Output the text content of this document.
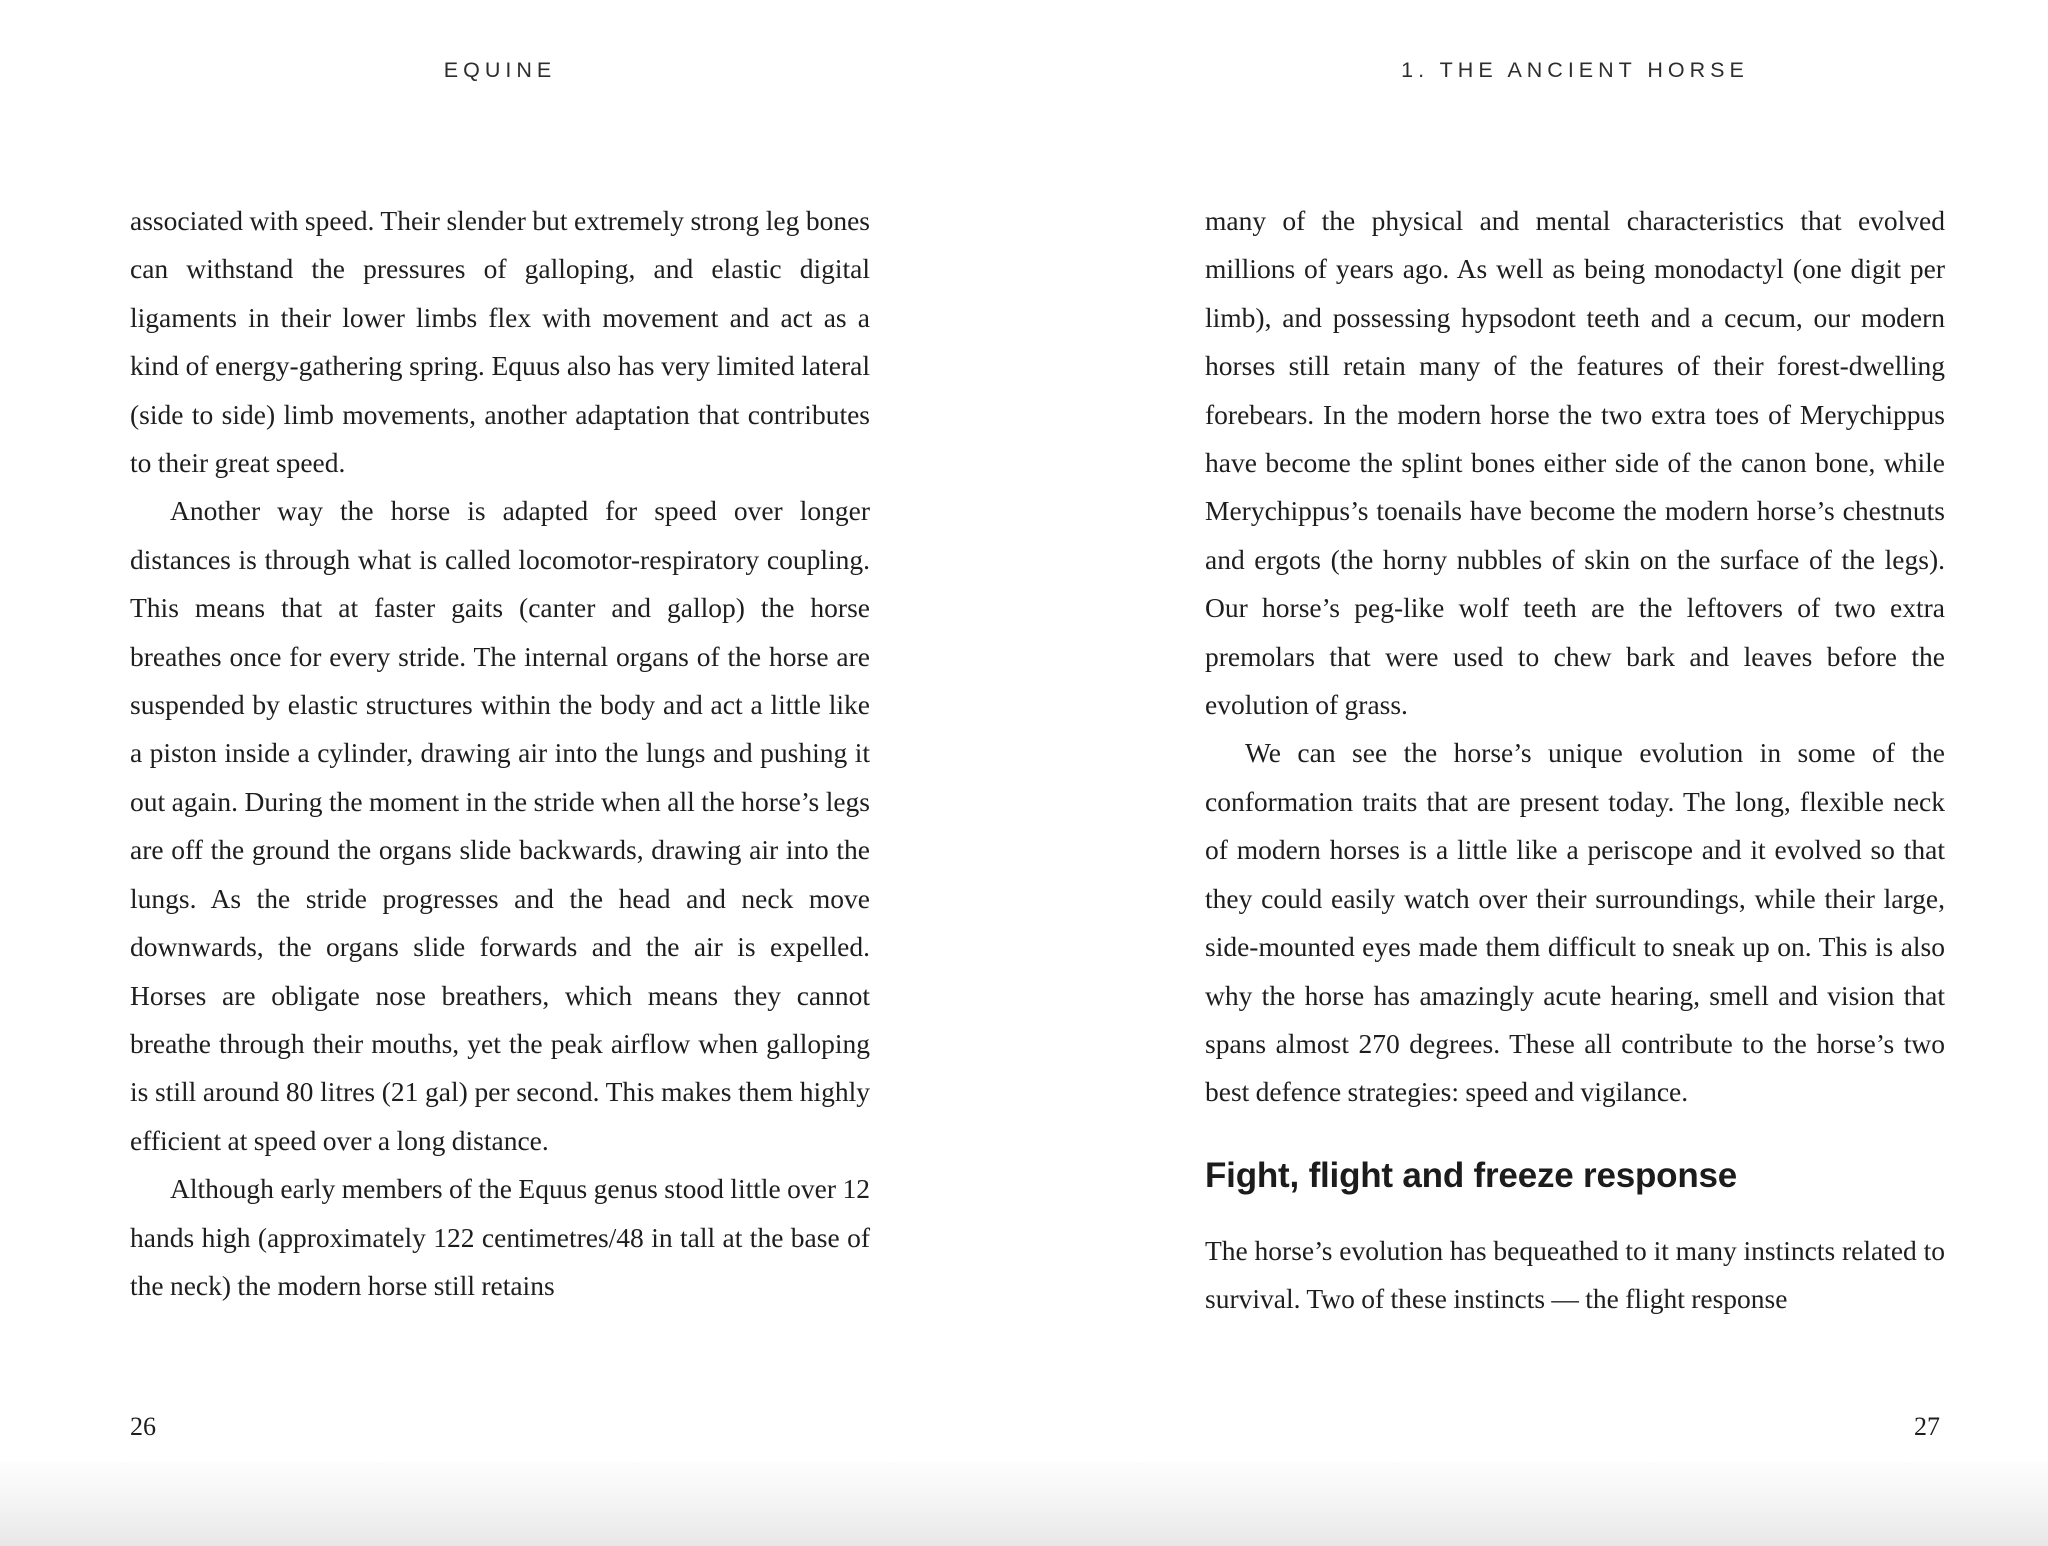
EQUINE	1. THE ANCIENT HORSE

associated with speed. Their slender but extremely strong leg bones can withstand the pressures of galloping, and elastic digital ligaments in their lower limbs flex with movement and act as a kind of energy-gathering spring. Equus also has very limited lateral (side to side) limb movements, another adaptation that contributes to their great speed.

Another way the horse is adapted for speed over longer distances is through what is called locomotor-respiratory coupling. This means that at faster gaits (canter and gallop) the horse breathes once for every stride. The internal organs of the horse are suspended by elastic structures within the body and act a little like a piston inside a cylinder, drawing air into the lungs and pushing it out again. During the moment in the stride when all the horse’s legs are off the ground the organs slide backwards, drawing air into the lungs. As the stride progresses and the head and neck move downwards, the organs slide forwards and the air is expelled. Horses are obligate nose breathers, which means they cannot breathe through their mouths, yet the peak airflow when galloping is still around 80 litres (21 gal) per second. This makes them highly efficient at speed over a long distance.

Although early members of the Equus genus stood little over 12 hands high (approximately 122 centimetres/48 in tall at the base of the neck) the modern horse still retains

many of the physical and mental characteristics that evolved millions of years ago. As well as being monodactyl (one digit per limb), and possessing hypsodont teeth and a cecum, our modern horses still retain many of the features of their forest-dwelling forebears. In the modern horse the two extra toes of Merychippus have become the splint bones either side of the canon bone, while Merychippus’s toenails have become the modern horse’s chestnuts and ergots (the horny nubbles of skin on the surface of the legs). Our horse’s peg-like wolf teeth are the leftovers of two extra premolars that were used to chew bark and leaves before the evolution of grass.

We can see the horse’s unique evolution in some of the conformation traits that are present today. The long, flexible neck of modern horses is a little like a periscope and it evolved so that they could easily watch over their surroundings, while their large, side-mounted eyes made them difficult to sneak up on. This is also why the horse has amazingly acute hearing, smell and vision that spans almost 270 degrees. These all contribute to the horse’s two best defence strategies: speed and vigilance.

Fight, flight and freeze response

The horse’s evolution has bequeathed to it many instincts related to survival. Two of these instincts — the flight response

26	27
